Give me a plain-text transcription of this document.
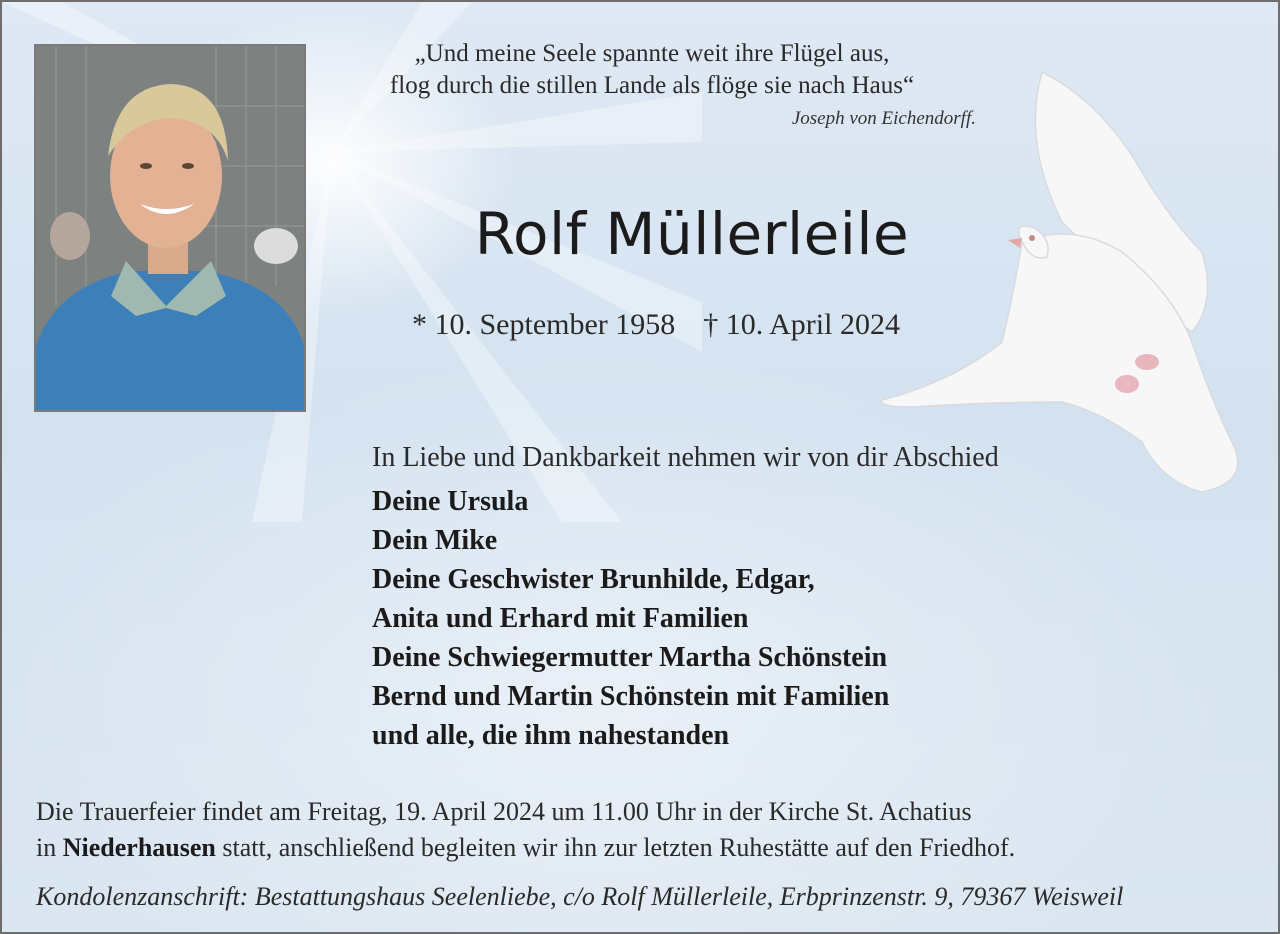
„Und meine Seele spannte weit ihre Flügel aus,
flog durch die stillen Lande als flöge sie nach Haus“
Joseph von Eichendorff.
Rolf Müllerleile
* 10. September 1958 † 10. April 2024
In Liebe und Dankbarkeit nehmen wir von dir Abschied
Deine Ursula
Dein Mike
Deine Geschwister Brunhilde, Edgar,
Anita und Erhard mit Familien
Deine Schwiegermutter Martha Schönstein
Bernd und Martin Schönstein mit Familien
und alle, die ihm nahestanden
Die Trauerfeier findet am Freitag, 19. April 2024 um 11.00 Uhr in der Kirche St. Achatius
in Niederhausen statt, anschließend begleiten wir ihn zur letzten Ruhestätte auf den Friedhof.
Kondolenzanschrift: Bestattungshaus Seelenliebe, c/o Rolf Müllerleile, Erbprinzenstr. 9, 79367 Weisweil
